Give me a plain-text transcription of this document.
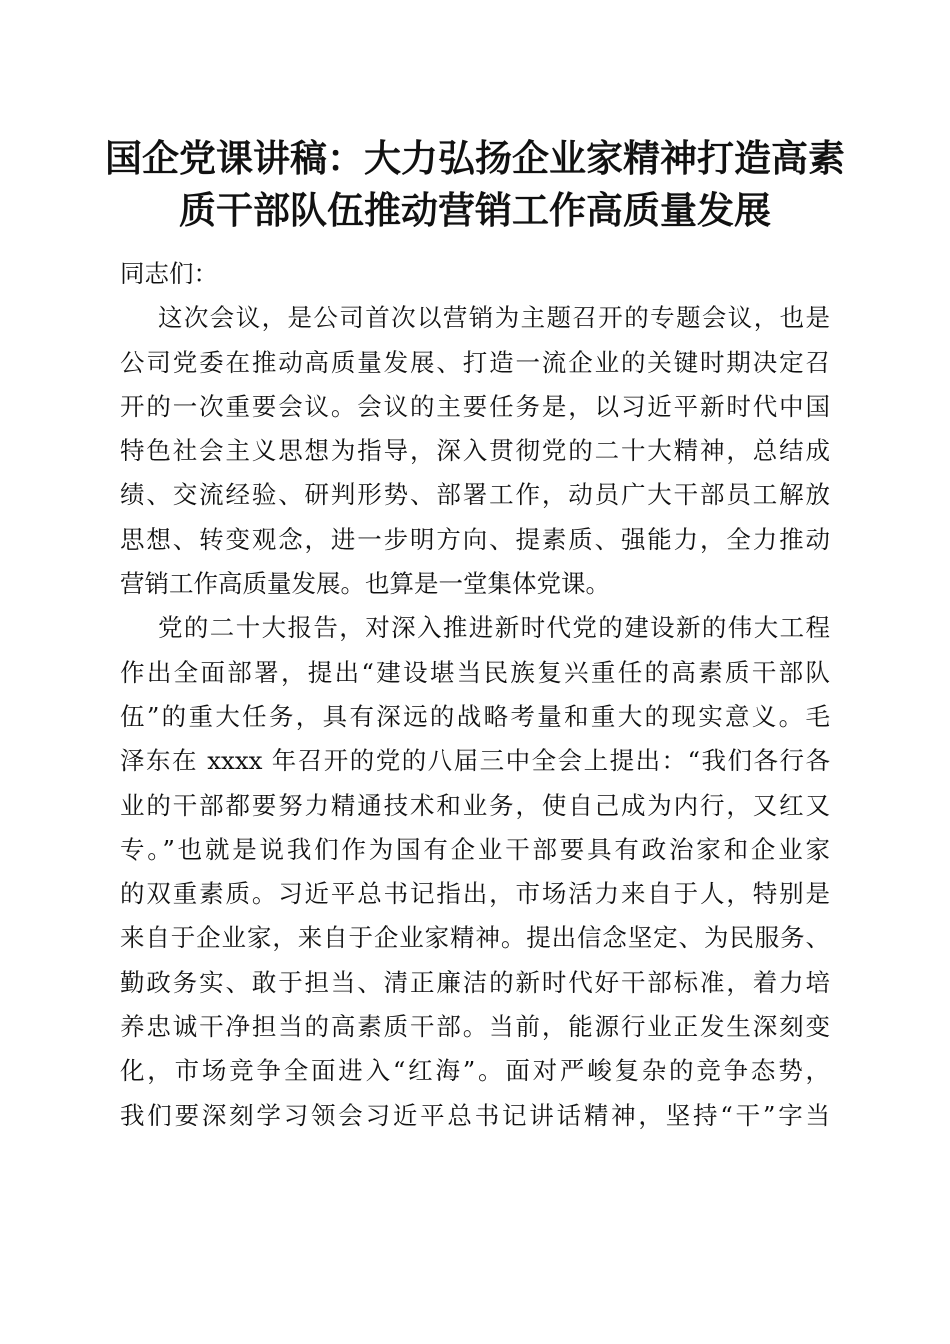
国企党课讲稿：大力弘扬企业家精神打造高素
质干部队伍推动营销工作高质量发展
同志们：
这次会议，是公司首次以营销为主题召开的专题会议，也是
公司党委在推动高质量发展、打造一流企业的关键时期决定召
开的一次重要会议。会议的主要任务是，以习近平新时代中国
特色社会主义思想为指导，深入贯彻党的二十大精神，总结成
绩、交流经验、研判形势、部署工作，动员广大干部员工解放
思想、转变观念，进一步明方向、提素质、强能力，全力推动
营销工作高质量发展。也算是一堂集体党课。
党的二十大报告，对深入推进新时代党的建设新的伟大工程
作出全面部署，提出“建设堪当民族复兴重任的高素质干部队
伍”的重大任务，具有深远的战略考量和重大的现实意义。毛
泽东在 xxxx 年召开的党的八届三中全会上提出：“我们各行各
业的干部都要努力精通技术和业务，使自己成为内行，又红又
专。”也就是说我们作为国有企业干部要具有政治家和企业家
的双重素质。习近平总书记指出，市场活力来自于人，特别是
来自于企业家，来自于企业家精神。提出信念坚定、为民服务、
勤政务实、敢于担当、清正廉洁的新时代好干部标准，着力培
养忠诚干净担当的高素质干部。当前，能源行业正发生深刻变
化，市场竞争全面进入“红海”。面对严峻复杂的竞争态势，
我们要深刻学习领会习近平总书记讲话精神，坚持“干”字当
